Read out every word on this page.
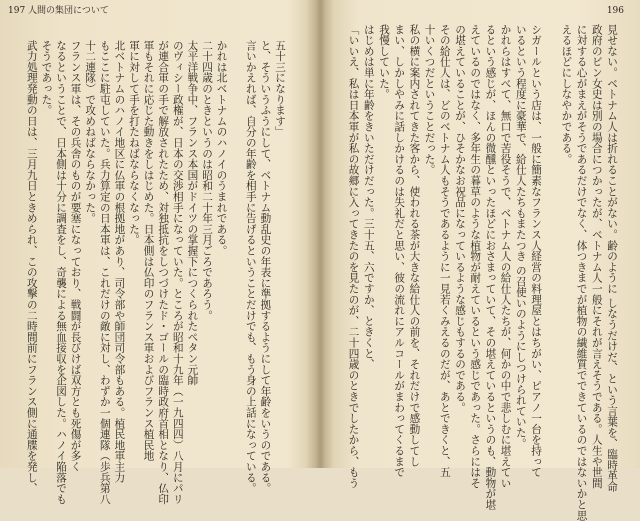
197 人間の集団について
五十三になります」
と、そういうふうにして、ベトナム動乱史の年表に準拠するようにして年齢をいうのである。
言いかえれば、自分の年齢を相手に告げるということだけでも、もう身の上話になっている。
かれは北ベトナムのハノイのうまれである。
二十四歳のときというのは昭和二十年三月ごろであろう。
太平洋戦争中、フランス本国がドイツの掌握下につくられたペタン元帥
のヴィシー政権が、日本の交渉相手になっていた。ところが昭和十九年（一九四四）八月にパリ
が連合軍の手で解放されたため、対独抵抗をしつづけたド・ゴールの臨時政府首相となり、仏印
軍もそれに応じた動きをしはじめた。日本側は仏印のフランス軍およびフランス植民地
軍に対して手を打たねばならなくなった。
北ベトナムのハノイ地区に仏軍の根拠地があり、司令部や師団司令部もある。植民地軍主力
もここに駐屯していた。兵力算定の日本軍は、これだけの敵に対し、わずか一個連隊（歩兵第八
十二連隊）で攻めねばならなかった。
フランス軍は、その兵舎のものが要塞になっており、戦闘が長びけば双方とも死傷が多く
なるということで、日本側は十分に調査をし、奇襲による無血接収を企図した。ハノイ陥落でも
そうであった。
武力処理発動の日は、三月九日ときめられ、この攻撃の二時間前にフランス側に通牒を発し、
196
見せない。ベトナム人は折れることがない。齢のように しなうだけだ、という言葉を、臨時革命
政府のビン女史は別の場合につかったが、ベトナム人一般にそれが言えそうである。人生や世間
に対する心がまえがそうであるだけでなく、体つきまでが植物の繊維質でできているのではないかと思
えるほどにしなやかである。
シガールという店は、一般に簡素なフランス人経営の料理屋とはちがい、ピアノ一台を持って
いるという程度に豪華で、給仕人たちもまたつき の召使いのようにしつけられていた。
かれらはすべて、無口で苦役そうで、ベトナム人の給仕人たちが、何かの中で悲しむに堪えてい
るという感じが、ほんの微醺といったほどにおさまっていて、その堪えているというのも、動物が堪
えているのではなく、多年生の暮草のような植物が耐えているという感じであった。さらにはそ
の堪えていることが、ひそかなお祝品になっているような感じもするのである。
その給仕人は、どのベトナム人もそうであるように一見若くみえるのだが、あとできくと、五
十いくつだということだった。
私の横に案内されてきた客から、使われる茶が大きな給仕人の前を、それだけで感動してし
まい、しかしやみに話しかけるのは失礼だと思い、彼の流れにアルコールがまわってくるまで
我慢していた。
はじめは単に年齢をきいただけだった。三十五、六ですか、ときくと、
「いいえ、私は日本軍が私の故郷に入ってきたのを見たのが、二十四歳のときでしたから、もう
